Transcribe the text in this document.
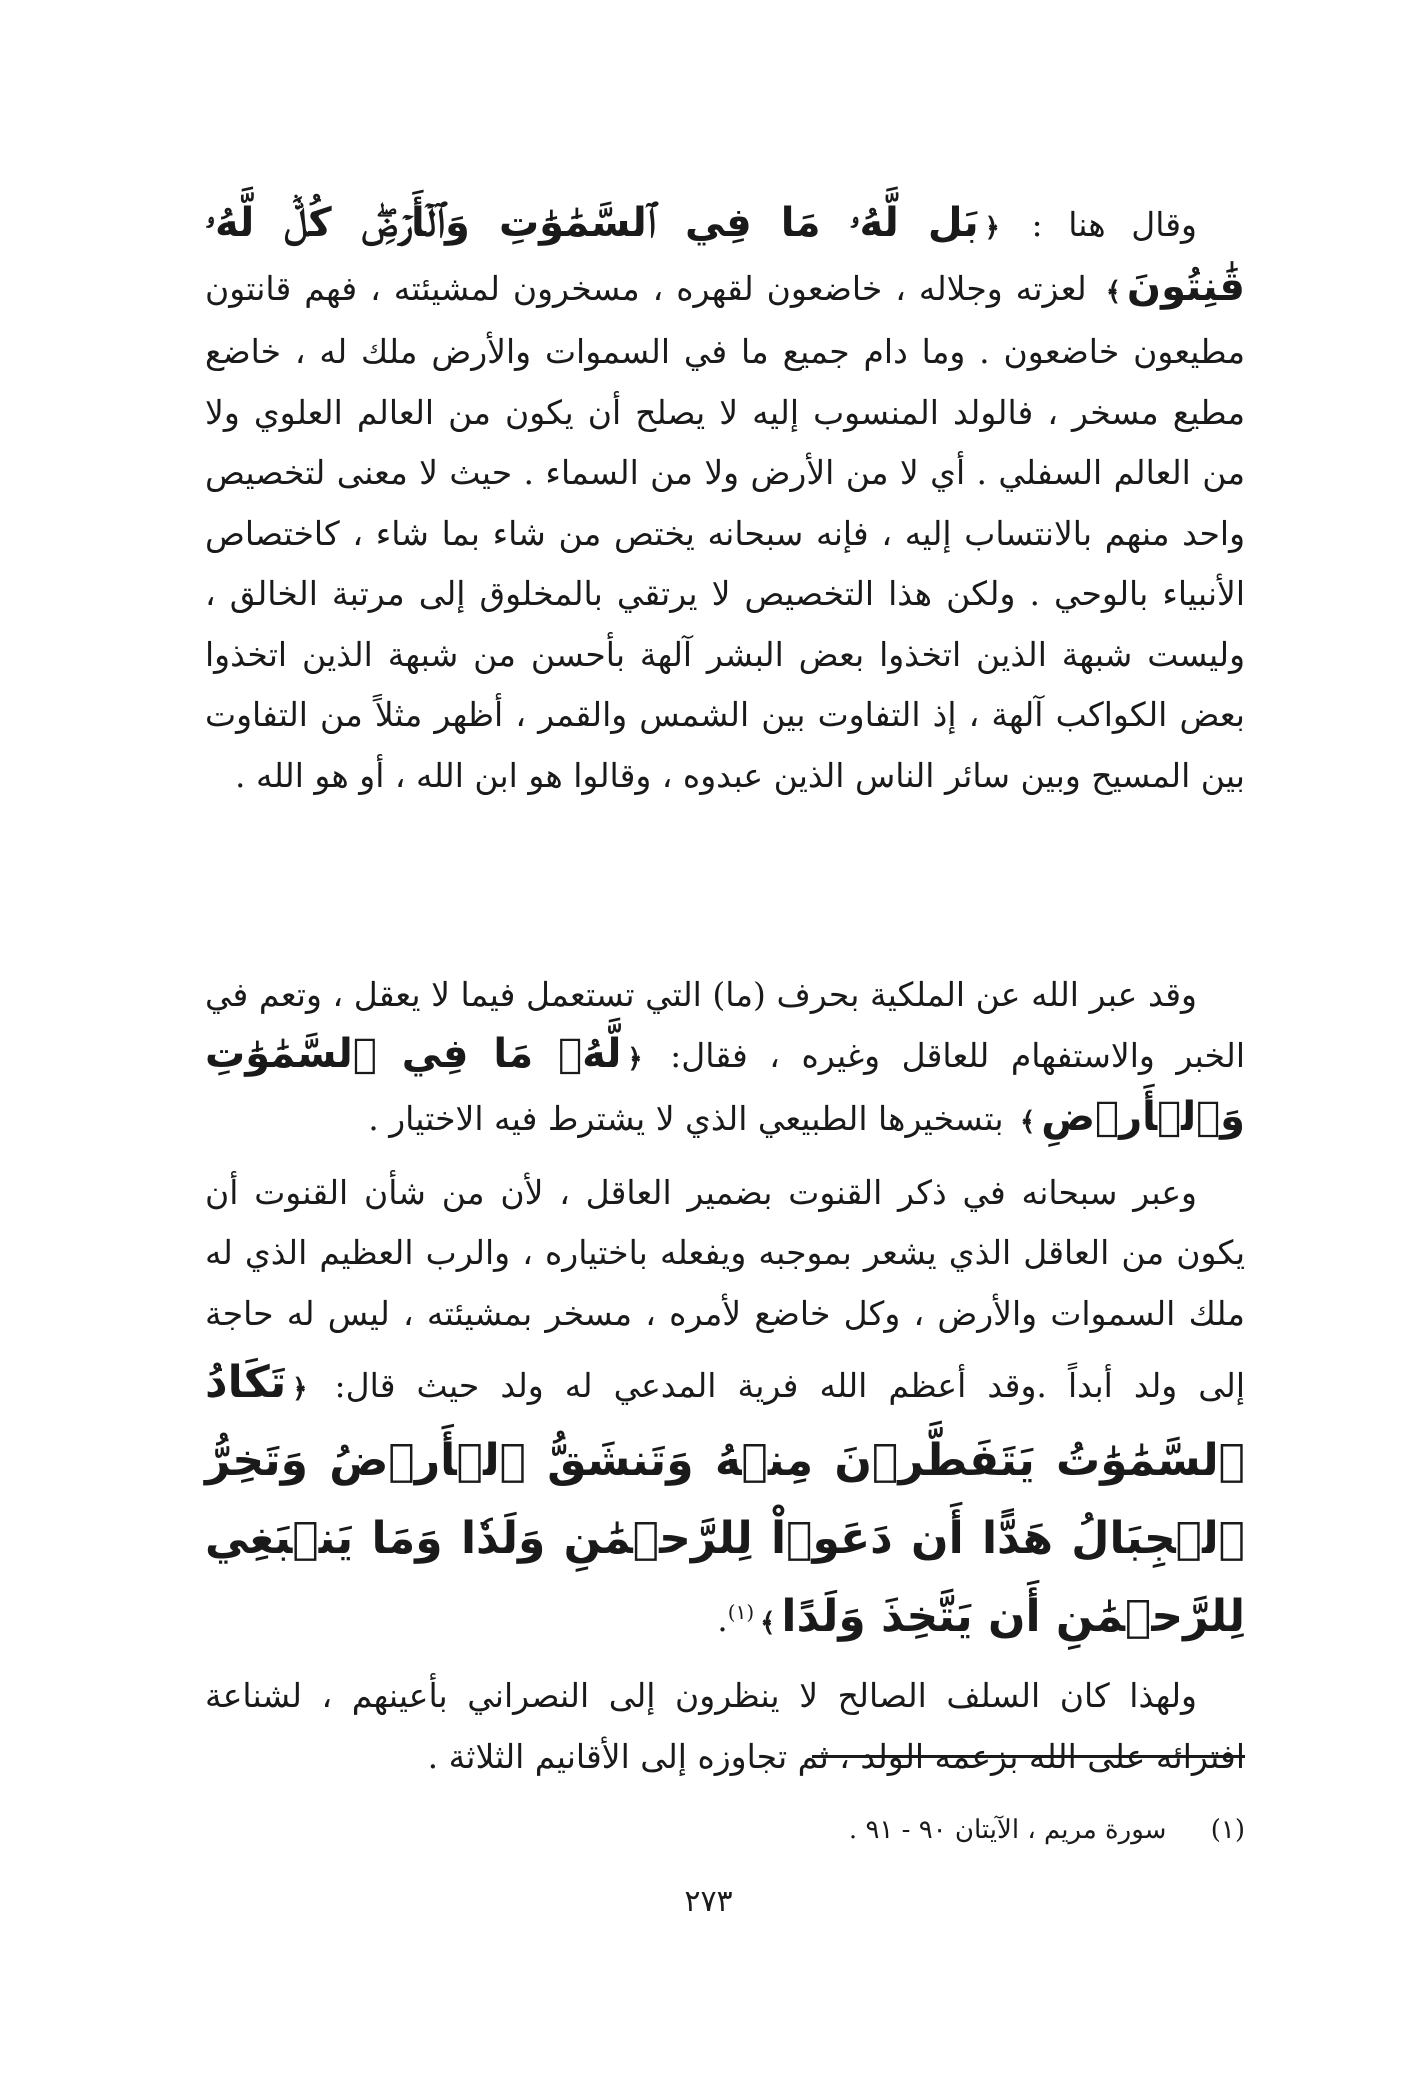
وقال هنا : ﴿بَل لَّهُۥ مَا فِي ٱلسَّمَٰوَٰتِ وَٱلۡأَرۡضِۖ كُلّٞ لَّهُۥ قَٰنِتُونَ﴾ لعزته وجلاله ، خاضعون لقهره ، مسخرون لمشيئته ، فهم قانتون مطيعون خاضعون . وما دام جميع ما في السموات والأرض ملك له ، خاضع مطيع مسخر ، فالولد المنسوب إليه لا يصلح أن يكون من العالم العلوي ولا من العالم السفلي . أي لا من الأرض ولا من السماء . حيث لا معنى لتخصيص واحد منهم بالانتساب إليه ، فإنه سبحانه يختص من شاء بما شاء ، كاختصاص الأنبياء بالوحي . ولكن هذا التخصيص لا يرتقي بالمخلوق إلى مرتبة الخالق ، وليست شبهة الذين اتخذوا بعض البشر آلهة بأحسن من شبهة الذين اتخذوا بعض الكواكب آلهة ، إذ التفاوت بين الشمس والقمر ، أظهر مثلاً من التفاوت بين المسيح وبين سائر الناس الذين عبدوه ، وقالوا هو ابن الله ، أو هو الله .

وقد عبر الله عن الملكية بحرف (ما) التي تستعمل فيما لا يعقل ، وتعم في الخبر والاستفهام للعاقل وغيره ، فقال: ﴿لَّهُۥ مَا فِي ٱلسَّمَٰوَٰتِ وَٱلۡأَرۡضِ﴾ بتسخيرها الطبيعي الذي لا يشترط فيه الاختيار .

وعبر سبحانه في ذكر القنوت بضمير العاقل ، لأن من شأن القنوت أن يكون من العاقل الذي يشعر بموجبه ويفعله باختياره ، والرب العظيم الذي له ملك السموات والأرض ، وكل خاضع لأمره ، مسخر بمشيئته ، ليس له حاجة إلى ولد أبداً .وقد أعظم الله فرية المدعي له ولد حيث قال: ﴿تَكَادُ ٱلسَّمَٰوَٰتُ يَتَفَطَّرۡنَ مِنۡهُ وَتَنشَقُّ ٱلۡأَرۡضُ وَتَخِرُّ ٱلۡجِبَالُ هَدًّا أَن دَعَوۡاْ لِلرَّحۡمَٰنِ وَلَدٗا وَمَا يَنۢبَغِي لِلرَّحۡمَٰنِ أَن يَتَّخِذَ وَلَدًا﴾$^{(١)}$.

ولهذا كان السلف الصالح لا ينظرون إلى النصراني بأعينهم ، لشناعة افترائه على الله بزعمه الولد ، ثم تجاوزه إلى الأقانيم الثلاثة .

(١) سورة مريم ، الآيتان ٩٠ - ٩١ .
٢٧٣
